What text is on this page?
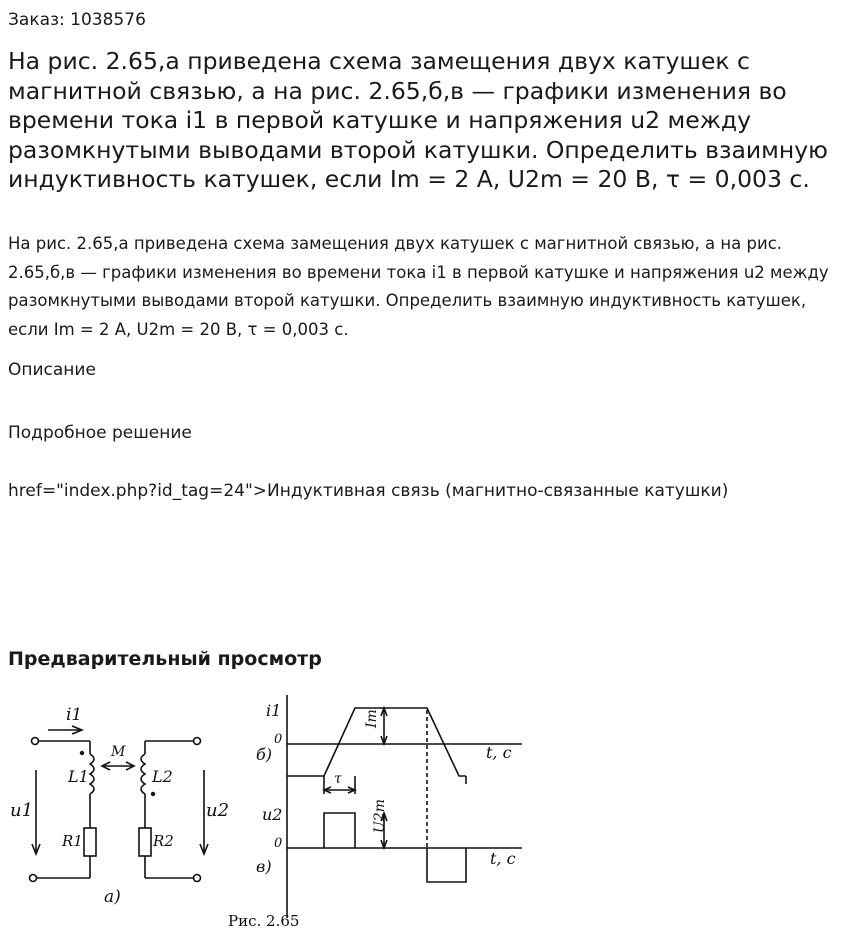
Заказ: 1038576
На рис. 2.65,а приведена схема замещения двух катушек с магнитной связью, а на рис. 2.65,б,в — графики изменения во времени тока i1 в первой катушке и напряжения u2 между разомкнутыми выводами второй катушки. Определить взаимную индуктивность катушек, если Im = 2 А, U2m = 20 В, τ = 0,003 с.
На рис. 2.65,а приведена схема замещения двух катушек с магнитной связью, а на рис. 2.65,б,в — графики изменения во времени тока i1 в первой катушке и напряжения u2 между разомкнутыми выводами второй катушки. Определить взаимную индуктивность катушек, если Im = 2 А, U2m = 20 В, τ = 0,003 с.
Описание
Подробное решение
href="index.php?id_tag=24">Индуктивная связь (магнитно-связанные катушки)
Предварительный просмотр
i1
M
L1	L2
u1	u2
R1	R2
a)
i1
0
б)	t, c
Im
τ
u2
0
в)	t, c
U2m
Рис. 2.65
